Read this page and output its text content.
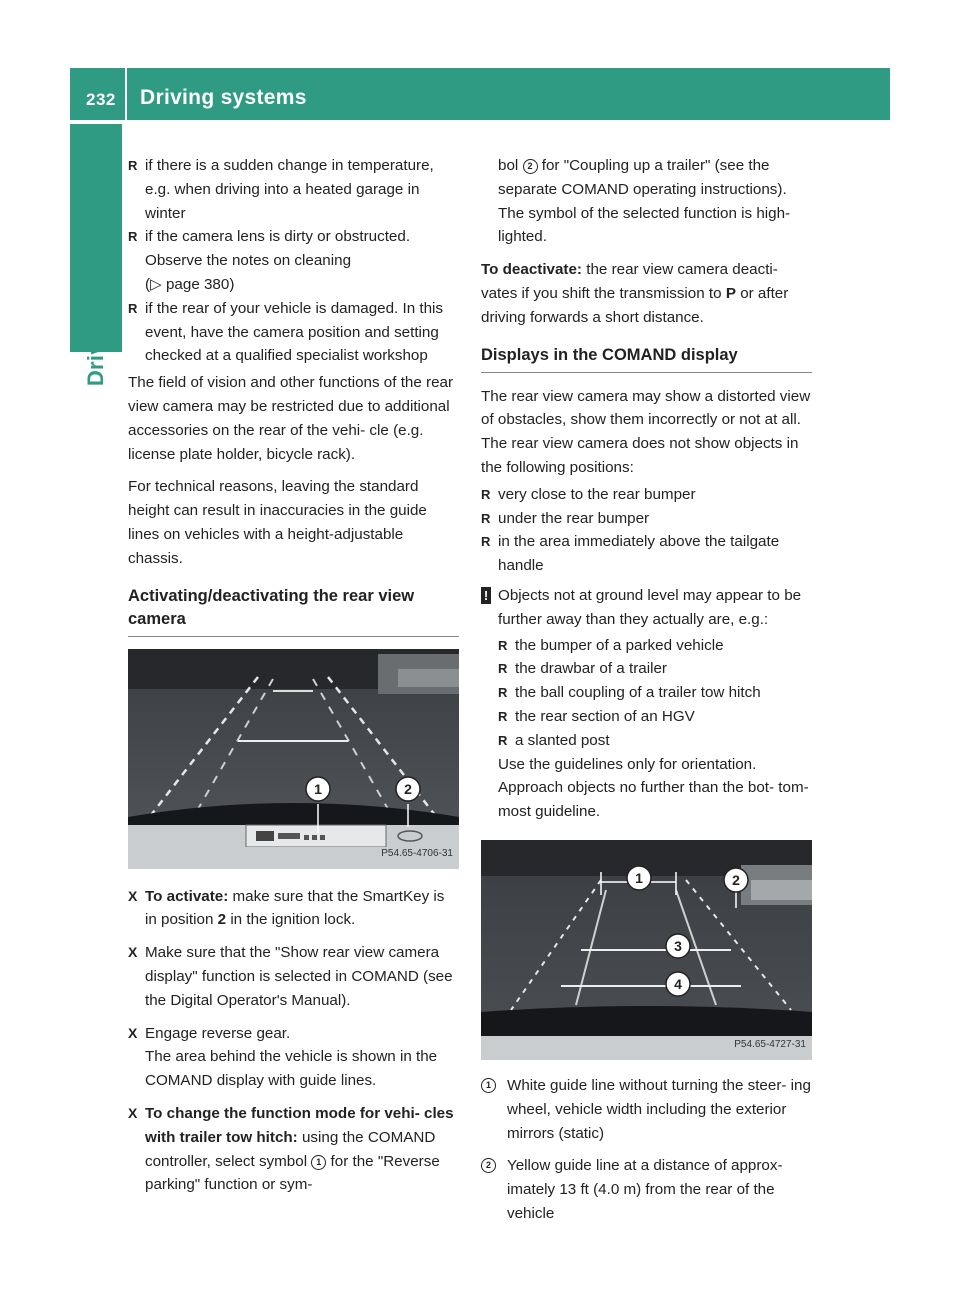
232 Driving systems
Driving and parking

R if there is a sudden change in temperature, e.g. when driving into a heated garage in winter

R if the camera lens is dirty or obstructed. Observe the notes on cleaning
(▷ page 380)

R if the rear of your vehicle is damaged. In this event, have the camera position and setting checked at a qualified specialist workshop

The field of vision and other functions of the rear view camera may be restricted due to additional accessories on the rear of the vehi- cle (e.g. license plate holder, bicycle rack).

For technical reasons, leaving the standard height can result in inaccuracies in the guide lines on vehicles with a height-adjustable chassis.

Activating/deactivating the rear view camera
1	2
P54.65-4706-31

X To activate: make sure that the SmartKey is in position 2 in the ignition lock.

X Make sure that the "Show rear view camera display" function is selected in COMAND (see the Digital Operator's Manual).

X Engage reverse gear.
The area behind the vehicle is shown in the COMAND display with guide lines.

X To change the function mode for vehi- cles with trailer tow hitch: using the COMAND controller, select symbol 1 for the "Reverse parking" function or sym-

bol 2 for "Coupling up a trailer" (see the separate COMAND operating instructions). The symbol of the selected function is high- lighted.

To deactivate: the rear view camera deacti- vates if you shift the transmission to P or after driving forwards a short distance.

Displays in the COMAND display

The rear view camera may show a distorted view of obstacles, show them incorrectly or not at all. The rear view camera does not show objects in the following positions:

R very close to the rear bumper

R under the rear bumper

R in the area immediately above the tailgate handle

! Objects not at ground level may appear to be further away than they actually are, e.g.:

R the bumper of a parked vehicle

R the drawbar of a trailer

R the ball coupling of a trailer tow hitch

R the rear section of an HGV

R a slanted post

Use the guidelines only for orientation. Approach objects no further than the bot- tom-most guideline.

1	2
3
4
P54.65-4727-31

1	White guide line without turning the steer- ing wheel, vehicle width including the exterior mirrors (static)

2	Yellow guide line at a distance of approx- imately 13 ft (4.0 m) from the rear of the vehicle
